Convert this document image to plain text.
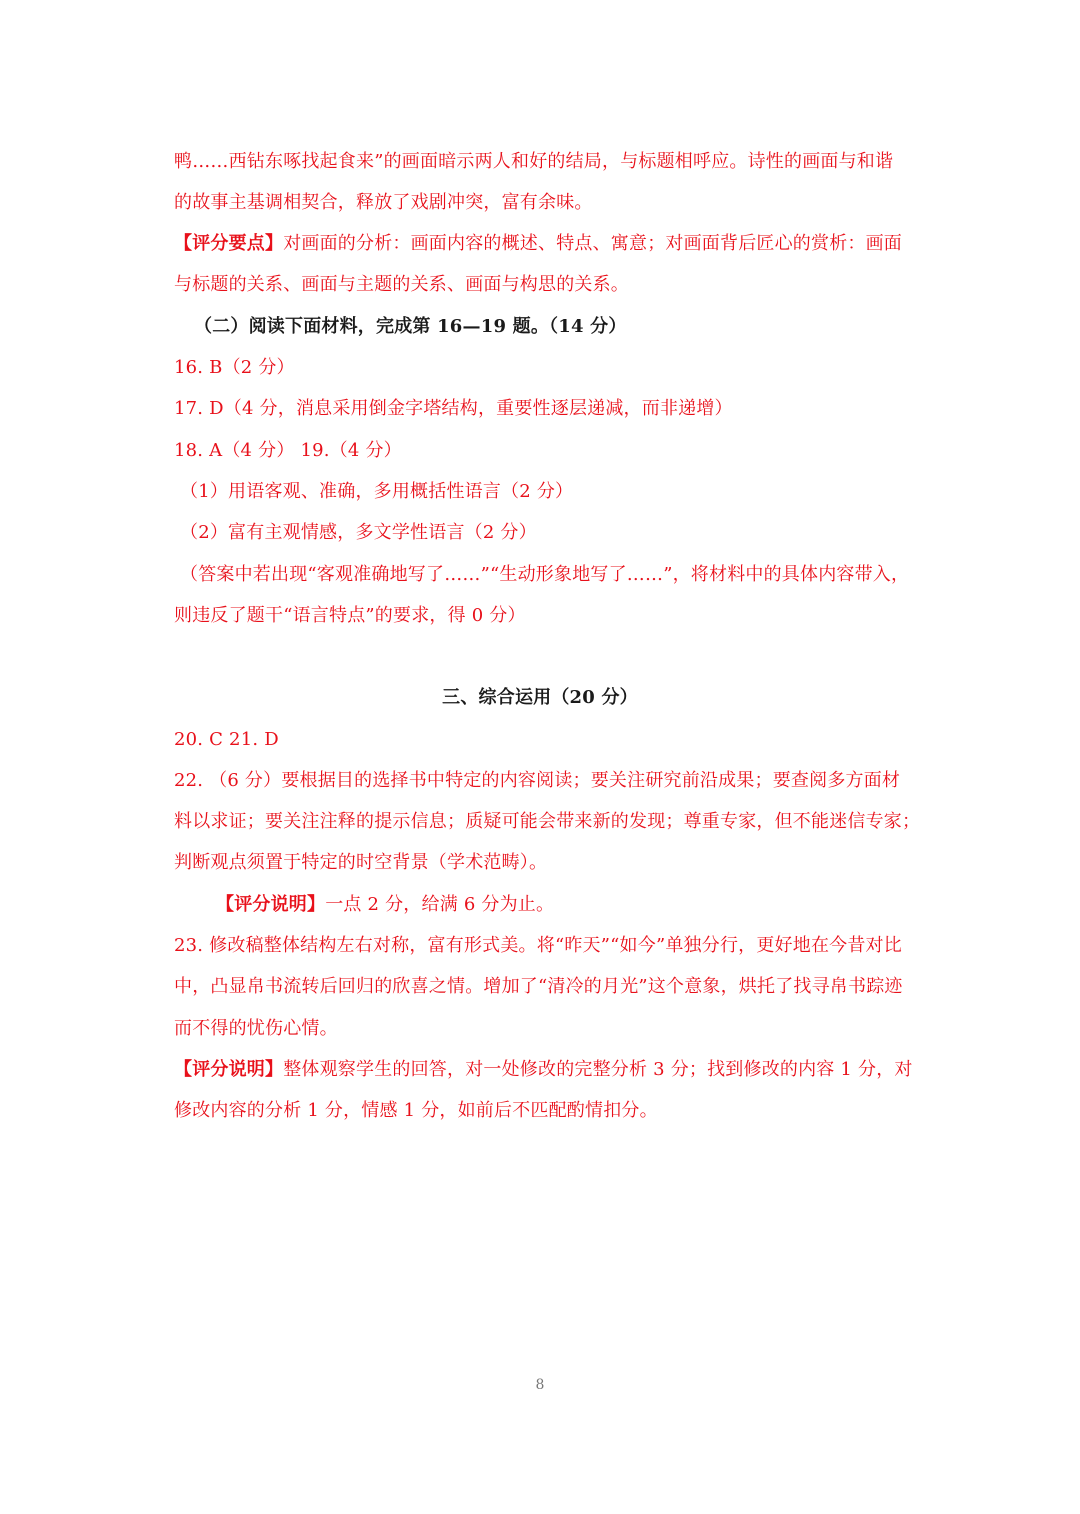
鸭……西钻东啄找起食来”的画面暗示两人和好的结局，与标题相呼应。诗性的画面与和谐
的故事主基调相契合，释放了戏剧冲突，富有余味。
【评分要点】对画面的分析：画面内容的概述、特点、寓意；对画面背后匠心的赏析：画面
与标题的关系、画面与主题的关系、画面与构思的关系。
（二）阅读下面材料，完成第 16—19 题。（14 分）
16. B（2 分）
17. D（4 分，消息采用倒金字塔结构，重要性逐层递减，而非递增）
18. A（4 分） 19.（4 分）
（1）用语客观、准确，多用概括性语言（2 分）
（2）富有主观情感，多文学性语言（2 分）
（答案中若出现“客观准确地写了……”“生动形象地写了……”，将材料中的具体内容带入，
则违反了题干“语言特点”的要求，得 0 分）
三、综合运用（20 分）
20. C 21. D
22. （6 分）要根据目的选择书中特定的内容阅读；要关注研究前沿成果；要查阅多方面材
料以求证；要关注注释的提示信息；质疑可能会带来新的发现；尊重专家，但不能迷信专家；
判断观点须置于特定的时空背景（学术范畴）。
【评分说明】一点 2 分，给满 6 分为止。
23. 修改稿整体结构左右对称，富有形式美。将“昨天”“如今”单独分行，更好地在今昔对比
中，凸显帛书流转后回归的欣喜之情。增加了“清冷的月光”这个意象，烘托了找寻帛书踪迹
而不得的忧伤心情。
【评分说明】整体观察学生的回答，对一处修改的完整分析 3 分；找到修改的内容 1 分，对
修改内容的分析 1 分，情感 1 分，如前后不匹配酌情扣分。
8
